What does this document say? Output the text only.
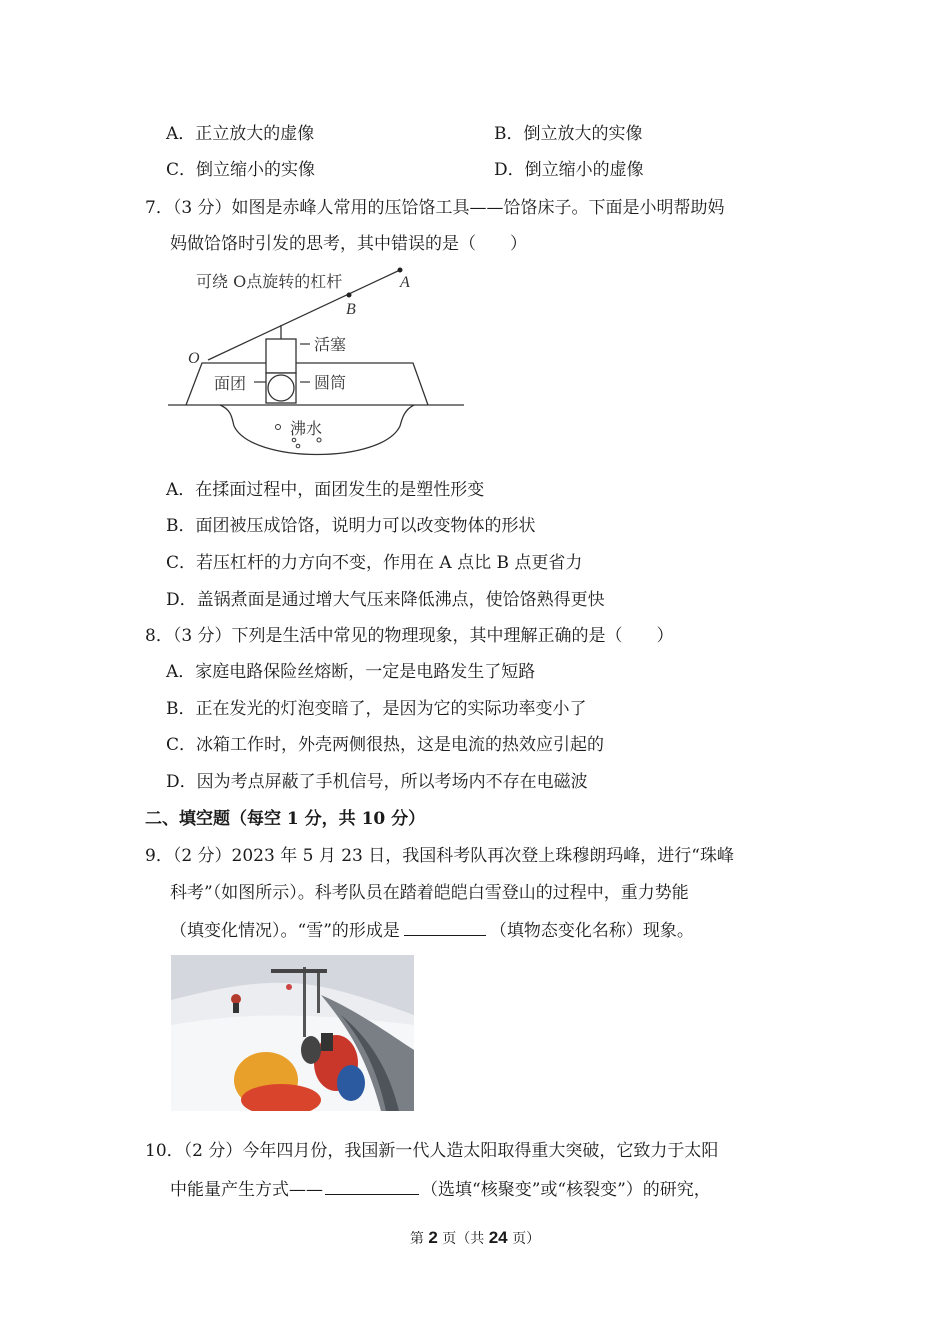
A．正立放大的虚像	B．倒立放大的实像
C．倒立缩小的实像	D．倒立缩小的虚像
7．（3 分）如图是赤峰人常用的压饸饹工具——饸饹床子。下面是小明帮助妈
妈做饸饹时引发的思考，其中错误的是（　　）
可绕 O点旋转的杠杆	A
B
O
活塞
面团	圆筒
沸水
A．在揉面过程中，面团发生的是塑性形变
B．面团被压成饸饹，说明力可以改变物体的形状
C．若压杠杆的力方向不变，作用在 A 点比 B 点更省力
D．盖锅煮面是通过增大气压来降低沸点，使饸饹熟得更快
8．（3 分）下列是生活中常见的物理现象，其中理解正确的是（　　）
A．家庭电路保险丝熔断，一定是电路发生了短路
B．正在发光的灯泡变暗了，是因为它的实际功率变小了
C．冰箱工作时，外壳两侧很热，这是电流的热效应引起的
D．因为考点屏蔽了手机信号，所以考场内不存在电磁波
二、填空题（每空 1 分，共 10 分）
9．（2 分）2023 年 5 月 23 日，我国科考队再次登上珠穆朗玛峰，进行“珠峰
科考”（如图所示）。科考队员在踏着皑皑白雪登山的过程中，重力势能
（填变化情况）。“雪”的形成是	（填物态变化名称）现象。
10．（2 分）今年四月份，我国新一代人造太阳取得重大突破，它致力于太阳
中能量产生方式——	（选填“核聚变”或“核裂变”）的研究，
第 2 页（共 24 页）
